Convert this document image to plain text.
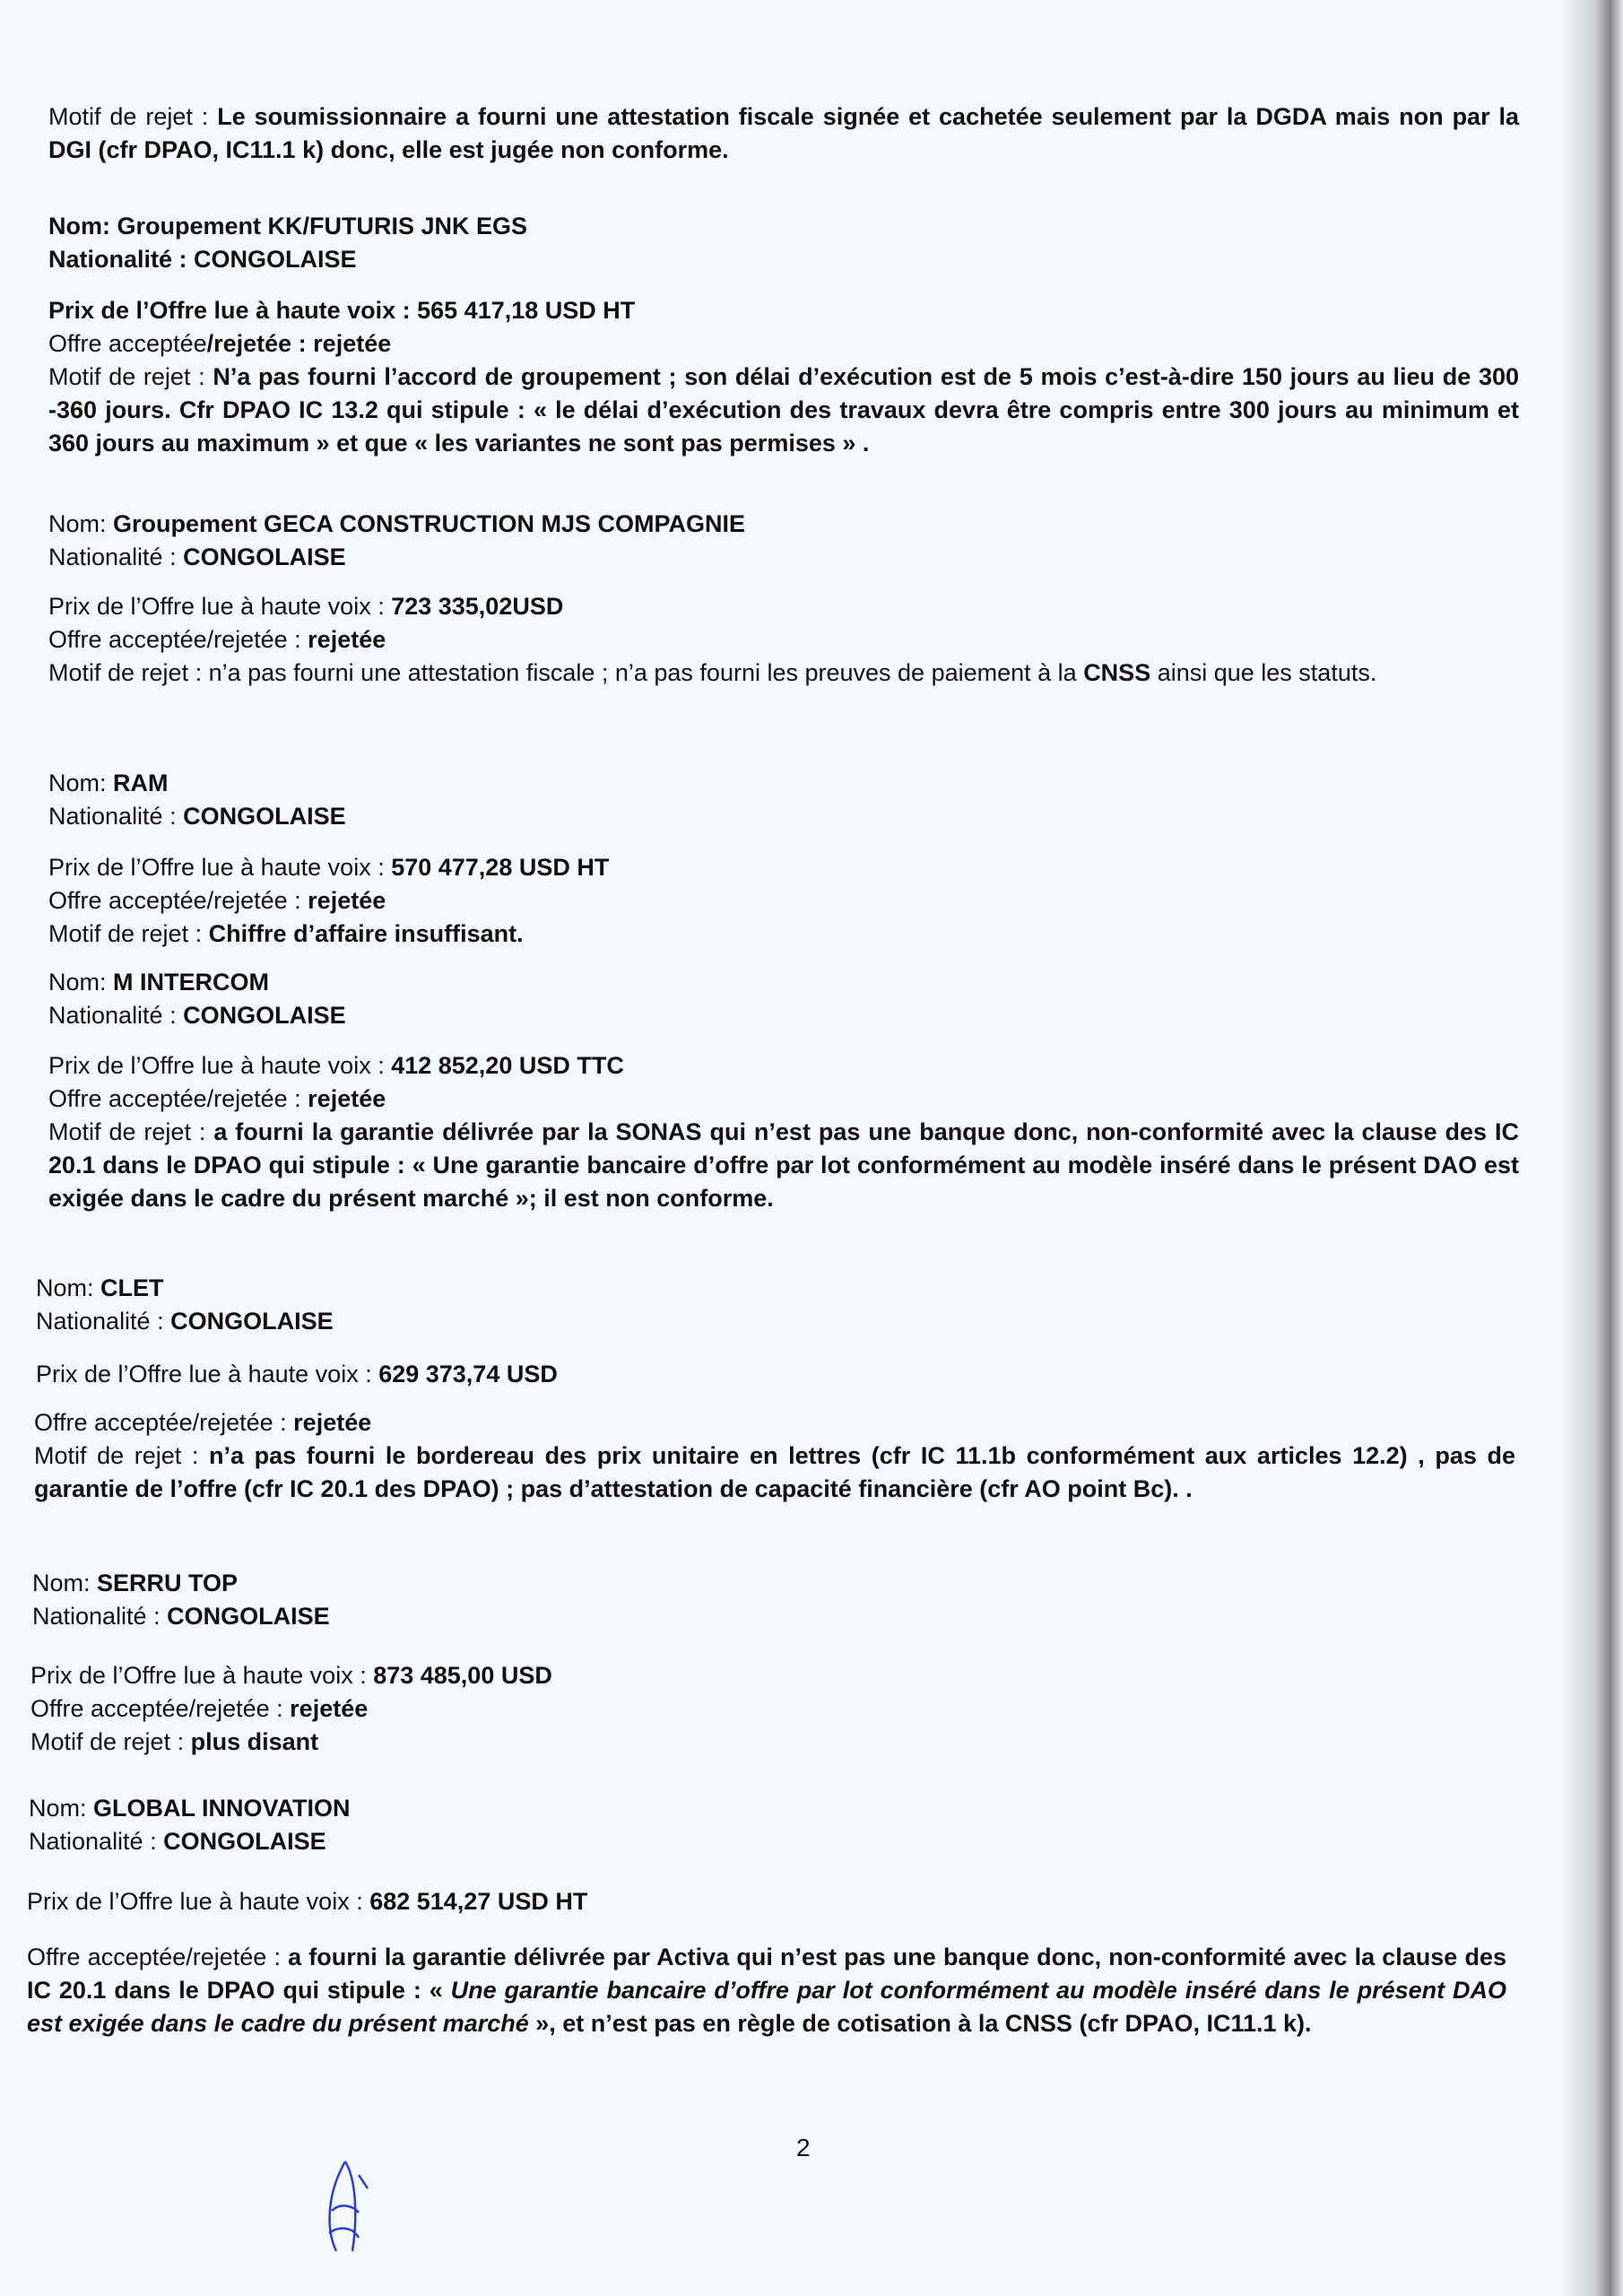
Motif de rejet : Le soumissionnaire a fourni une attestation fiscale signée et cachetée seulement par la DGDA mais non par la DGI (cfr DPAO, IC11.1 k) donc, elle est jugée non conforme.
Nom: Groupement KK/FUTURIS JNK EGS
Nationalité : CONGOLAISE
Prix de l’Offre lue à haute voix : 565 417,18 USD HT
Offre acceptée/rejetée : rejetée
Motif de rejet : N’a pas fourni l’accord de groupement ; son délai d’exécution est de 5 mois c’est-à-dire 150 jours au lieu de 300 -360 jours. Cfr DPAO IC 13.2 qui stipule : « le délai d’exécution des travaux devra être compris entre 300 jours au minimum et 360 jours au maximum » et que « les variantes ne sont pas permises » .
Nom: Groupement GECA CONSTRUCTION MJS COMPAGNIE
Nationalité : CONGOLAISE
Prix de l’Offre lue à haute voix : 723 335,02USD
Offre acceptée/rejetée : rejetée
Motif de rejet : n’a pas fourni une attestation fiscale ; n’a pas fourni les preuves de paiement à la CNSS ainsi que les statuts.
Nom: RAM
Nationalité : CONGOLAISE
Prix de l’Offre lue à haute voix : 570 477,28 USD HT
Offre acceptée/rejetée : rejetée
Motif de rejet : Chiffre d’affaire insuffisant.
Nom: M INTERCOM
Nationalité : CONGOLAISE
Prix de l’Offre lue à haute voix : 412 852,20 USD TTC
Offre acceptée/rejetée : rejetée
Motif de rejet : a fourni la garantie délivrée par la SONAS qui n’est pas une banque donc, non-conformité avec la clause des IC 20.1 dans le DPAO qui stipule : « Une garantie bancaire d’offre par lot conformément au modèle inséré dans le présent DAO est exigée dans le cadre du présent marché »; il est non conforme.
Nom: CLET
Nationalité : CONGOLAISE
Prix de l’Offre lue à haute voix : 629 373,74 USD
Offre acceptée/rejetée : rejetée
Motif de rejet : n’a pas fourni le bordereau des prix unitaire en lettres (cfr IC 11.1b conformément aux articles 12.2) , pas de garantie de l’offre (cfr IC 20.1 des DPAO) ; pas d’attestation de capacité financière (cfr AO point Bc). .
Nom: SERRU TOP
Nationalité : CONGOLAISE
Prix de l’Offre lue à haute voix : 873 485,00 USD
Offre acceptée/rejetée : rejetée
Motif de rejet : plus disant
Nom: GLOBAL INNOVATION
Nationalité : CONGOLAISE
Prix de l’Offre lue à haute voix : 682 514,27 USD HT
Offre acceptée/rejetée : a fourni la garantie délivrée par Activa qui n’est pas une banque donc, non-conformité avec la clause des IC 20.1 dans le DPAO qui stipule : « Une garantie bancaire d’offre par lot conformément au modèle inséré dans le présent DAO est exigée dans le cadre du présent marché », et n’est pas en règle de cotisation à la CNSS (cfr DPAO, IC11.1 k).
2
